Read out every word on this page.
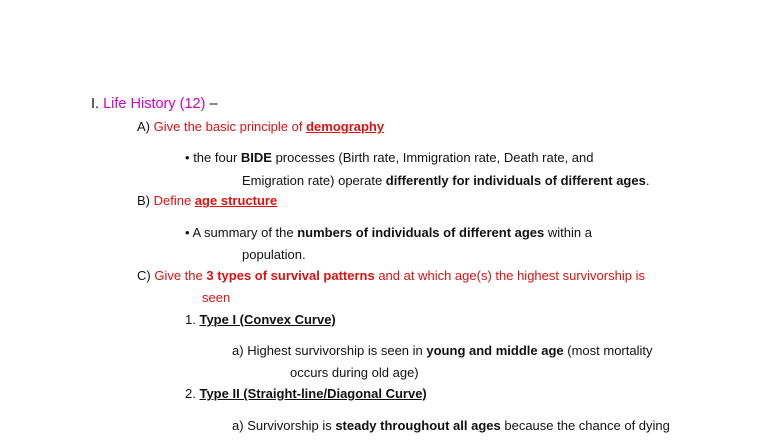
I. Life History (12) –
A) Give the basic principle of demography
• the four BIDE processes (Birth rate, Immigration rate, Death rate, and
Emigration rate) operate differently for individuals of different ages.
B) Define age structure
• A summary of the numbers of individuals of different ages within a
population.
C) Give the 3 types of survival patterns and at which age(s) the highest survivorship is
seen
1. Type I (Convex Curve)
a) Highest survivorship is seen in young and middle age (most mortality
occurs during old age)
2. Type II (Straight-line/Diagonal Curve)
a) Survivorship is steady throughout all ages because the chance of dying
